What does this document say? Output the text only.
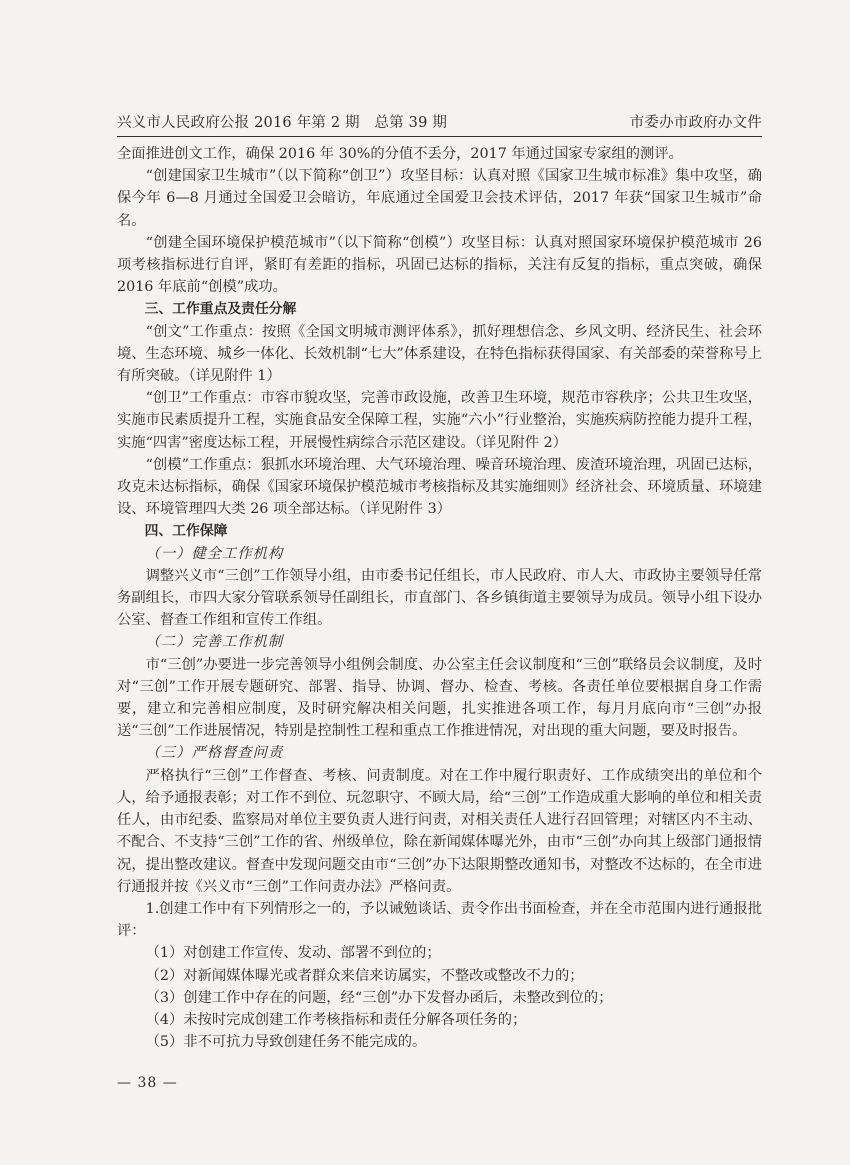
兴义市人民政府公报 2016 年第 2 期　总第 39 期	市委办市政府办文件

全面推进创文工作，确保 2016 年 30%的分值不丢分，2017 年通过国家专家组的测评。

“创建国家卫生城市”（以下简称“创卫”）攻坚目标：认真对照《国家卫生城市标准》集中攻坚，确保今年 6—8 月通过全国爱卫会暗访，年底通过全国爱卫会技术评估，2017 年获“国家卫生城市”命名。

“创建全国环境保护模范城市”（以下简称“创模”）攻坚目标：认真对照国家环境保护模范城市 26 项考核指标进行自评，紧盯有差距的指标，巩固已达标的指标，关注有反复的指标，重点突破，确保 2016 年底前“创模”成功。

三、工作重点及责任分解

“创文”工作重点：按照《全国文明城市测评体系》，抓好理想信念、乡风文明、经济民生、社会环境、生态环境、城乡一体化、长效机制“七大”体系建设，在特色指标获得国家、有关部委的荣誉称号上有所突破。（详见附件 1）

“创卫”工作重点：市容市貌攻坚，完善市政设施，改善卫生环境，规范市容秩序；公共卫生攻坚，实施市民素质提升工程，实施食品安全保障工程，实施“六小”行业整治，实施疾病防控能力提升工程，实施“四害”密度达标工程，开展慢性病综合示范区建设。（详见附件 2）

“创模”工作重点：狠抓水环境治理、大气环境治理、噪音环境治理、废渣环境治理，巩固已达标，攻克未达标指标，确保《国家环境保护模范城市考核指标及其实施细则》经济社会、环境质量、环境建设、环境管理四大类 26 项全部达标。（详见附件 3）

四、工作保障

（一）健全工作机构

调整兴义市“三创”工作领导小组，由市委书记任组长，市人民政府、市人大、市政协主要领导任常务副组长，市四大家分管联系领导任副组长，市直部门、各乡镇街道主要领导为成员。领导小组下设办公室、督查工作组和宣传工作组。

（二）完善工作机制

市“三创”办要进一步完善领导小组例会制度、办公室主任会议制度和“三创”联络员会议制度，及时对“三创”工作开展专题研究、部署、指导、协调、督办、检查、考核。各责任单位要根据自身工作需要，建立和完善相应制度，及时研究解决相关问题，扎实推进各项工作，每月月底向市“三创”办报送“三创”工作进展情况，特别是控制性工程和重点工作推进情况，对出现的重大问题，要及时报告。

（三）严格督查问责

严格执行“三创”工作督查、考核、问责制度。对在工作中履行职责好、工作成绩突出的单位和个人，给予通报表彰；对工作不到位、玩忽职守、不顾大局，给“三创”工作造成重大影响的单位和相关责任人，由市纪委、监察局对单位主要负责人进行问责，对相关责任人进行召回管理；对辖区内不主动、不配合、不支持“三创”工作的省、州级单位，除在新闻媒体曝光外，由市“三创”办向其上级部门通报情况，提出整改建议。督查中发现问题交由市“三创”办下达限期整改通知书，对整改不达标的，在全市进行通报并按《兴义市“三创”工作问责办法》严格问责。

1.创建工作中有下列情形之一的，予以诫勉谈话、责令作出书面检查，并在全市范围内进行通报批评：

（1）对创建工作宣传、发动、部署不到位的；

（2）对新闻媒体曝光或者群众来信来访属实，不整改或整改不力的；

（3）创建工作中存在的问题，经“三创”办下发督办函后，未整改到位的；

（4）未按时完成创建工作考核指标和责任分解各项任务的；

（5）非不可抗力导致创建任务不能完成的。

— 38 —
